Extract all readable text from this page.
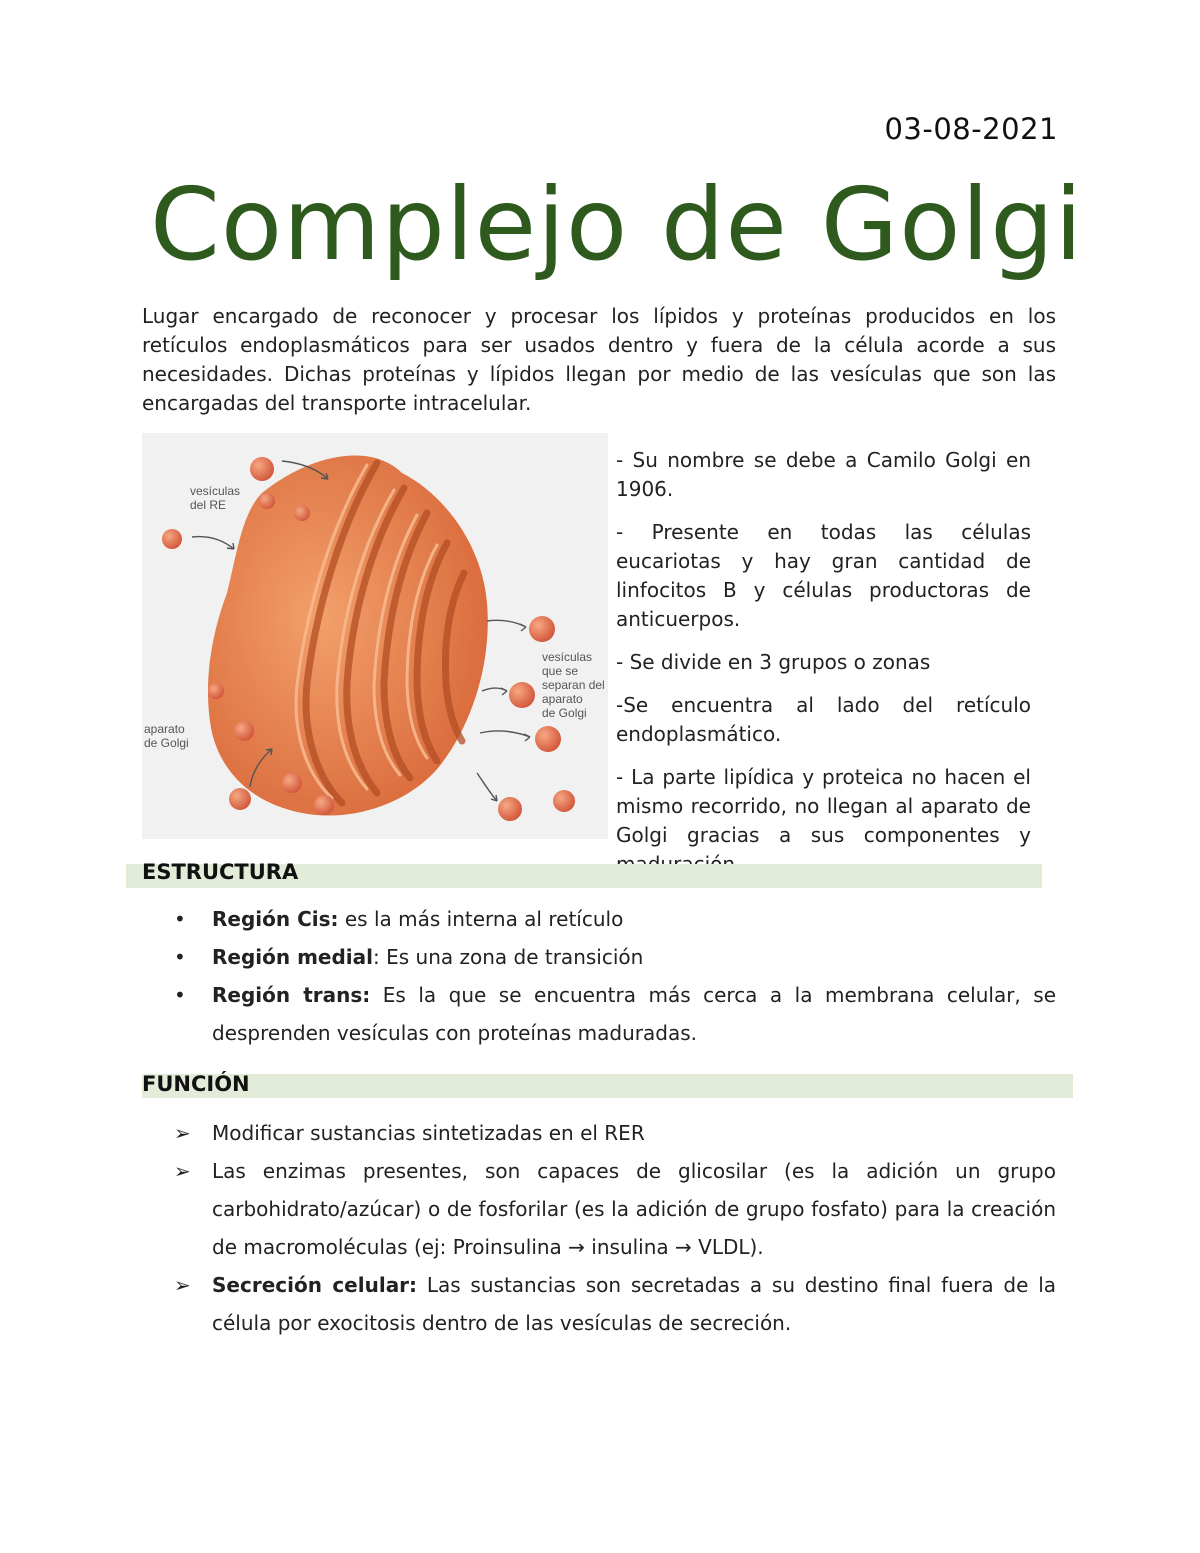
03-08-2021
Complejo de Golgi
Lugar encargado de reconocer y procesar los lípidos y proteínas producidos en los retículos endoplasmáticos para ser usados dentro y fuera de la célula acorde a sus necesidades. Dichas proteínas y lípidos llegan por medio de las vesículas que son las encargadas del transporte intracelular.
vesículas
del RE
vesículas
que se
separan del
aparato
de Golgi
aparato
de Golgi

- Su nombre se debe a Camilo Golgi en 1906.

- Presente en todas las células eucariotas y hay gran cantidad de linfocitos B y células productoras de anticuerpos.

- Se divide en 3 grupos o zonas

-Se encuentra al lado del retículo endoplasmático.

- La parte lipídica y proteica no hacen el mismo recorrido, no llegan al aparato de Golgi gracias a sus componentes y

ESTRUCTURA
• Región Cis: es la más interna al retículo
• Región medial: Es una zona de transición
• Región trans: Es la que se encuentra más cerca a la membrana celular, se desprenden vesículas con proteínas maduradas.
FUNCIÓN
➢ Modificar sustancias sintetizadas en el RER
➢ Las enzimas presentes, son capaces de glicosilar (es la adición un grupo carbohidrato/azúcar) o de fosforilar (es la adición de grupo fosfato) para la creación de macromoléculas (ej: Proinsulina → insulina → VLDL).
➢ Secreción celular: Las sustancias son secretadas a su destino final fuera de la célula por exocitosis dentro de las vesículas de secreción.
